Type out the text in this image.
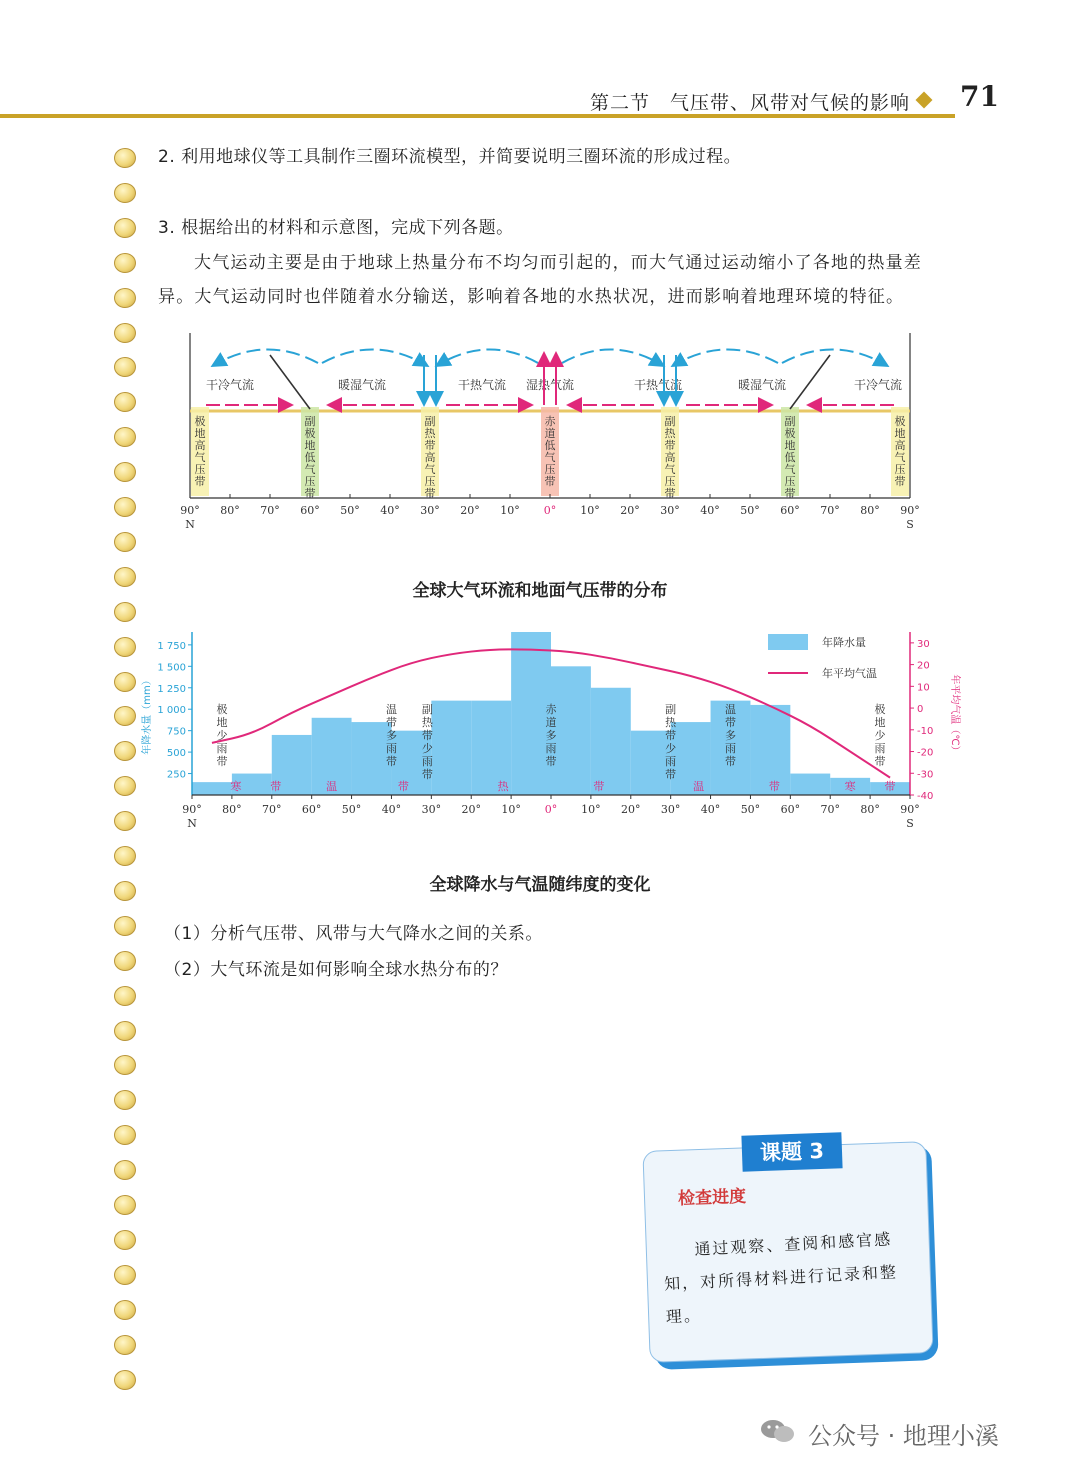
第二节　气压带、风带对气候的影响 71
2. 利用地球仪等工具制作三圈环流模型，并简要说明三圈环流的形成过程。
3. 根据给出的材料和示意图，完成下列各题。
大气运动主要是由于地球上热量分布不均匀而引起的，而大气通过运动缩小了各地的热量差异。大气运动同时也伴随着水分输送，影响着各地的水热状况，进而影响着地理环境的特征。
极地高气压带
副极地低气压带
副热带高气压带
赤道低气压带
副热带高气压带
副极地低气压带
极地高气压带
干冷气流	暖湿气流	干热气流 湿热气流	干热气流	暖湿气流	干冷气流
90° 80° 70° 60° 50° 40° 30° 20° 10° 0° 10° 20° 30° 40° 50° 60° 70° 80° 90°
N	S
全球大气环流和地面气压带的分布
1 750
1 500
1 250
1 000
750
500
250
年降水量（mm）
30
20
10
0
-10
-20
-30
-40
年平均气温（℃）
年降水量
年平均气温
极地少雨带
温带多雨带
副热带少雨带
赤道多雨带
副热带少雨带
温带多雨带
极地少雨带
寒	带	温	带	热	带	温	带	寒	带
90° 80° 70° 60° 50° 40° 30° 20° 10° 0° 10° 20° 30° 40° 50° 60° 70° 80° 90°
N	S
全球降水与气温随纬度的变化
（1）分析气压带、风带与大气降水之间的关系。
（2）大气环流是如何影响全球水热分布的？
课题 3
检查进度
通过观察、查阅和感官感知，对所得材料进行记录和整理。
公众号 · 地理小溪
